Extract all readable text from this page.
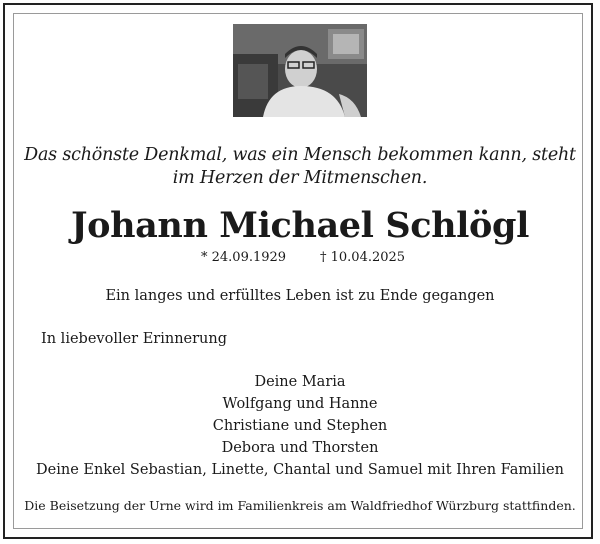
Das schönste Denkmal, was ein Mensch bekommen kann, steht
im Herzen der Mitmenschen.
Johann Michael Schlögl
* 24.09.1929	† 10.04.2025
Ein langes und erfülltes Leben ist zu Ende gegangen
In liebevoller Erinnerung
Deine Maria
Wolfgang und Hanne
Christiane und Stephen
Debora und Thorsten
Deine Enkel Sebastian, Linette, Chantal und Samuel mit Ihren Familien
Die Beisetzung der Urne wird im Familienkreis am Waldfriedhof Würzburg stattfinden.
